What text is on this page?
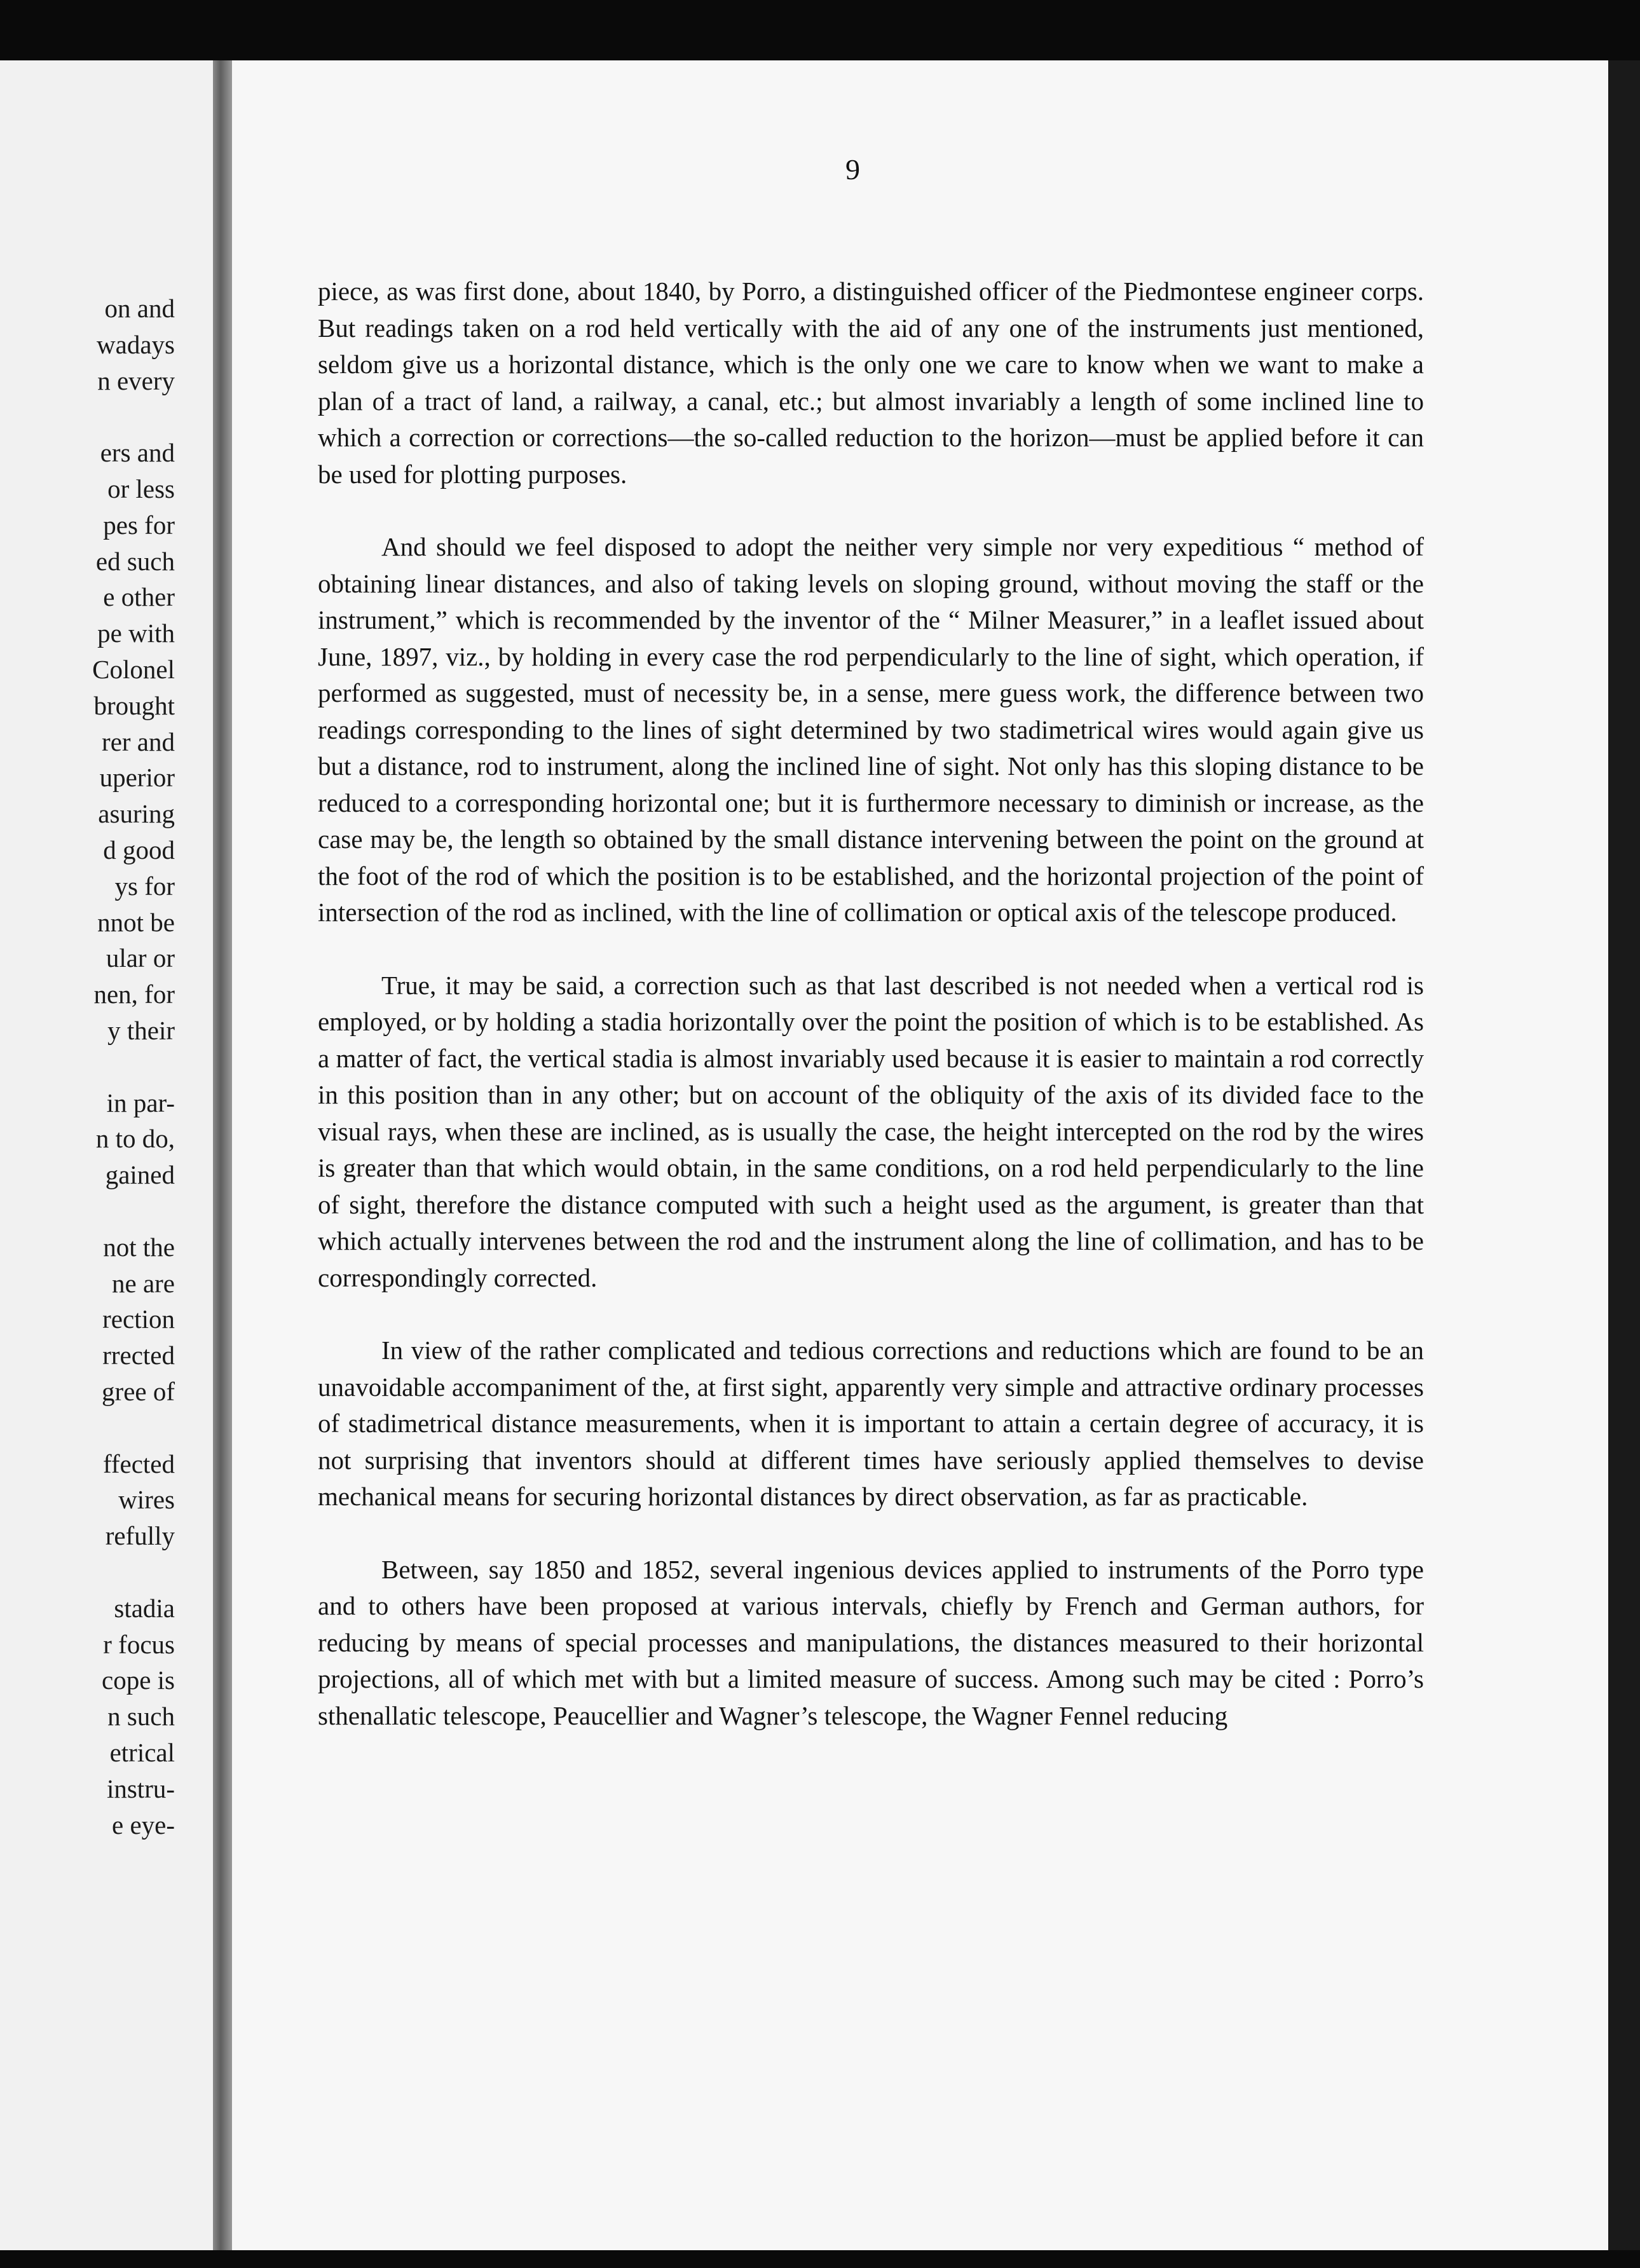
on and
wadays
n every
ers and
or less
pes for
ed such
e other
pe with
Colonel
brought
rer and
uperior
asuring
d good
ys for
nnot be
ular or
nen, for
y their
in par-
n to do,
gained
not the
ne are
rection
rrected
gree of
ffected
wires
refully
stadia
r focus
cope is
n such
etrical
instru-
e eye-
9

piece, as was first done, about 1840, by Porro, a distinguished officer of the Piedmontese engineer corps. But readings taken on a rod held vertically with the aid of any one of the instruments just mentioned, seldom give us a horizontal distance, which is the only one we care to know when we want to make a plan of a tract of land, a railway, a canal, etc.; but almost invariably a length of some inclined line to which a correction or corrections—the so-called reduction to the horizon—must be applied before it can be used for plotting purposes.

And should we feel disposed to adopt the neither very simple nor very expeditious “ method of obtaining linear distances, and also of taking levels on sloping ground, without moving the staff or the instrument,” which is recommended by the inventor of the “ Milner Measurer,” in a leaflet issued about June, 1897, viz., by holding in every case the rod perpendicularly to the line of sight, which operation, if performed as suggested, must of necessity be, in a sense, mere guess work, the difference between two readings corresponding to the lines of sight determined by two stadimetrical wires would again give us but a distance, rod to instrument, along the inclined line of sight. Not only has this sloping distance to be reduced to a corresponding horizontal one; but it is furthermore necessary to diminish or increase, as the case may be, the length so obtained by the small distance intervening between the point on the ground at the foot of the rod of which the position is to be established, and the horizontal projection of the point of intersection of the rod as inclined, with the line of collimation or optical axis of the telescope produced.

True, it may be said, a correction such as that last described is not needed when a vertical rod is employed, or by holding a stadia horizontally over the point the position of which is to be established. As a matter of fact, the vertical stadia is almost invariably used because it is easier to maintain a rod correctly in this position than in any other; but on account of the obliquity of the axis of its divided face to the visual rays, when these are inclined, as is usually the case, the height intercepted on the rod by the wires is greater than that which would obtain, in the same conditions, on a rod held perpendicularly to the line of sight, therefore the distance computed with such a height used as the argument, is greater than that which actually intervenes between the rod and the instrument along the line of collimation, and has to be correspondingly corrected.

In view of the rather complicated and tedious corrections and reductions which are found to be an unavoidable accompaniment of the, at first sight, apparently very simple and attractive ordinary processes of stadimetrical distance measurements, when it is important to attain a certain degree of accuracy, it is not surprising that inventors should at different times have seriously applied themselves to devise mechanical means for securing horizontal distances by direct observation, as far as practicable.

Between, say 1850 and 1852, several ingenious devices applied to instruments of the Porro type and to others have been proposed at various intervals, chiefly by French and German authors, for reducing by means of special processes and manipulations, the distances measured to their horizontal projections, all of which met with but a limited measure of success. Among such may be cited : Porro’s sthenallatic telescope, Peaucellier and Wagner’s telescope, the Wagner Fennel reducing
